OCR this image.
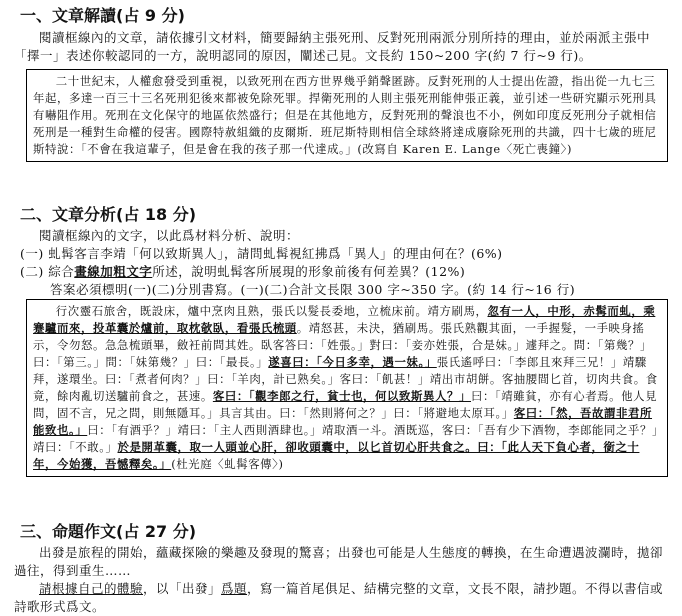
一、文章解讀(占 9 分)
閱讀框線內的文章，請依據引文材料，簡要歸納主張死刑、反對死刑兩派分別所持的理由，並於兩派主張中「擇一」表述你較認同的一方，說明認同的原因，闡述己見。文長約 150~200 字(約 7 行~9 行)。
二十世紀末，人權愈發受到重視，以致死刑在西方世界幾乎銷聲匿跡。反對死刑的人士提出佐證，指出從一九七三年起，多達一百三十三名死刑犯後來都被免除死罪。捍衛死刑的人則主張死刑能伸張正義，並引述一些研究顯示死刑具有嚇阻作用。死刑在文化保守的地區依然盛行；但是在其他地方，反對死刑的聲浪也不小，例如印度反死刑分子就相信死刑是一種對生命權的侵害。國際特赦組織的皮爾斯．班尼斯特則相信全球終將達成廢除死刑的共識，四十七歲的班尼斯特說：「不會在我這輩子，但是會在我的孩子那一代達成。」(改寫自 Karen E. Lange〈死亡喪鐘〉)
二、文章分析(占 18 分)
閱讀框線內的文字，以此爲材料分析、說明：
(一) 虬髯客言李靖「何以致斯異人」，請問虬髯視紅拂爲「異人」的理由何在？(6%)
(二) 綜合畫線加粗文字所述，說明虬髯客所展現的形象前後有何差異？(12%)
答案必須標明(一)(二)分別書寫。(一)(二)合計文長限 300 字~350 字。(約 14 行~16 行)
行次靈石旅舍，既設床，爐中烹肉且熟，張氏以髮長委地，立梳床前。靖方刷馬，忽有一人，中形，赤髯而虬，乘蹇驢而來，投革囊於爐前，取枕欹臥，看張氏梳頭。靖怒甚，未決，猶刷馬。張氏熟觀其面，一手握髮，一手映身搖示，令勿怒。急急梳頭畢，斂衽前問其姓。臥客答曰：「姓張。」對曰：「妾亦姓張，合是妹。」遽拜之。問：「第幾？」曰：「第三。」問：「妹第幾？」曰：「最長。」遂喜曰：「今日多幸，遇一妹。」張氏遙呼曰：「李郎且來拜三兄！」靖驟拜，遂環坐。曰：「煮者何肉？」曰：「羊肉，計已熟矣。」客曰：「飢甚！」靖出市胡餅。客抽腰間匕首，切肉共食。食竟，餘肉亂切送驢前食之，甚速。客曰：「觀李郎之行，貧士也，何以致斯異人？」曰：「靖雖貧，亦有心者焉。他人見問，固不言，兄之問，則無隱耳。」具言其由。曰：「然則將何之？」曰：「將避地太原耳。」客曰：「然，吾故謂非君所能致也。」曰：「有酒乎？」靖曰：「主人西則酒肆也。」靖取酒一斗。酒既巡，客曰：「吾有少下酒物，李郎能同之乎？」靖曰：「不敢。」於是開革囊，取一人頭並心肝，卻收頭囊中，以匕首切心肝共食之。曰：「此人天下負心者，銜之十年，今始獲，吾憾釋矣。」(杜光庭〈虬髯客傳〉)
三、命題作文(占 27 分)
出發是旅程的開始，蘊藏探險的樂趣及發現的驚喜；出發也可能是人生態度的轉換，在生命遭遇波瀾時，拋卻過往，得到重生……
請根據自己的體驗，以「出發」爲題，寫一篇首尾俱足、結構完整的文章，文長不限，請抄題。不得以書信或詩歌形式爲文。
